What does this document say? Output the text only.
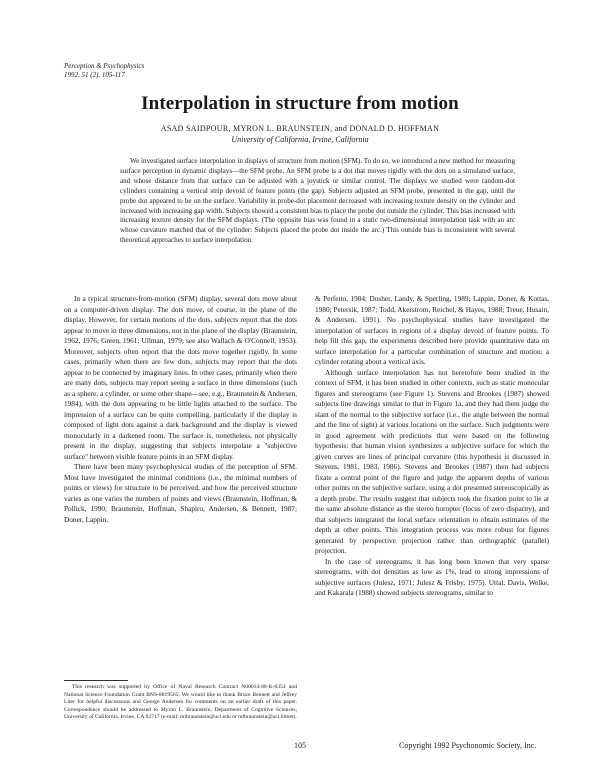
Perception & Psychophysics
1992, 51 (2), 105-117
Interpolation in structure from motion
ASAD SAIDPOUR, MYRON L. BRAUNSTEIN, and DONALD D. HOFFMAN
University of California, Irvine, California
We investigated surface interpolation in displays of structure from motion (SFM). To do so, we introduced a new method for measuring surface perception in dynamic displays—the SFM probe. An SFM probe is a dot that moves rigidly with the dots on a simulated surface, and whose distance from that surface can be adjusted with a joystick or similar control. The displays we studied were random-dot cylinders containing a vertical strip devoid of feature points (the gap). Subjects adjusted an SFM probe, presented in the gap, until the probe dot appeared to be on the surface. Variability in probe-dot placement decreased with increasing texture density on the cylinder and increased with increasing gap width. Subjects showed a consistent bias to place the probe dot outside the cylinder. This bias increased with increasing texture density for the SFM displays. (The opposite bias was found in a static two-dimensional interpolation task with an arc whose curvature matched that of the cylinder: Subjects placed the probe dot inside the arc.) This outside bias is inconsistent with several theoretical approaches to surface interpolation.

In a typical structure-from-motion (SFM) display, several dots move about on a computer-driven display. The dots move, of course, in the plane of the display. However, for certain motions of the dots, subjects report that the dots appear to move in three dimensions, not in the plane of the display (Braunstein, 1962, 1976; Green, 1961; Ullman, 1979; see also Wallach & O'Connell, 1953). Moreover, subjects often report that the dots move together rigidly. In some cases, primarily when there are few dots, subjects may report that the dots appear to be connected by imaginary lines. In other cases, primarily when there are many dots, subjects may report seeing a surface in three dimensions (such as a sphere, a cylinder, or some other shape—see, e.g., Braunstein & Andersen, 1984), with the dots appearing to be little lights attached to the surface. The impression of a surface can be quite compelling, particularly if the display is composed of light dots against a dark background and the display is viewed monocularly in a darkened room. The surface is, nonetheless, not physically present in the display, suggesting that subjects interpolate a "subjective surface" between visible feature points in an SFM display.

There have been many psychophysical studies of the perception of SFM. Most have investigated the minimal conditions (i.e., the minimal numbers of points or views) for structure to be perceived, and how the perceived structure varies as one varies the numbers of points and views (Braunstein, Hoffman, & Pollick, 1990; Braunstein, Hoffman, Shapiro, Andersen, & Bennett, 1987; Doner, Lappin,

& Perfetto, 1984; Dosher, Landy, & Sperling, 1989; Lappin, Doner, & Kottas, 1980; Petersik, 1987; Todd, Akerstrom, Reichel, & Hayes, 1988; Treue, Husain, & Andersen, 1991). No psychophysical studies have investigated the interpolation of surfaces in regions of a display devoid of feature points. To help fill this gap, the experiments described here provide quantitative data on surface interpolation for a particular combination of structure and motion: a cylinder rotating about a vertical axis.

Although surface interpolation has not heretofore been studied in the context of SFM, it has been studied in other contexts, such as static monocular figures and stereograms (see Figure 1). Stevens and Brookes (1987) showed subjects line drawings similar to that in Figure 1a, and they had them judge the slant of the normal to the subjective surface (i.e., the angle between the normal and the line of sight) at various locations on the surface. Such judgments were in good agreement with predictions that were based on the following hypothesis: that human vision synthesizes a subjective surface for which the given curves are lines of principal curvature (this hypothesis is discussed in Stevens, 1981, 1983, 1986). Stevens and Brookes (1987) then had subjects fixate a central point of the figure and judge the apparent depths of various other points on the subjective surface, using a dot presented stereoscopically as a depth probe. The results suggest that subjects took the fixation point to lie at the same absolute distance as the stereo horopter (locus of zero disparity), and that subjects integrated the local surface orientation to obtain estimates of the depth at other points. This integration process was more robust for figures generated by perspective projection rather than orthographic (parallel) projection.

In the case of stereograms, it has long been known that very sparse stereograms, with dot densities as low as 1%, lead to strong impressions of subjective surfaces (Julesz, 1971; Julesz & Frisby, 1975). Uttal, Davis, Welke, and Kakarala (1988) showed subjects stereograms, similar to

This research was supported by Office of Naval Research Contract N00014-88-K-0354 and National Science Foundation Grant BNS-8819565. We would like to thank Bruce Bennett and Jeffrey Liter for helpful discussions and George Andersen for comments on an earlier draft of this paper. Correspondence should be addressed to Myron L. Braunstein, Department of Cognitive Sciences, University of California, Irvine, CA 92717 (e-mail: mlbraunstein@uci.edu or mlbraunstein@uci.bitnet).
105	Copyright 1992 Psychonomic Society, Inc.
